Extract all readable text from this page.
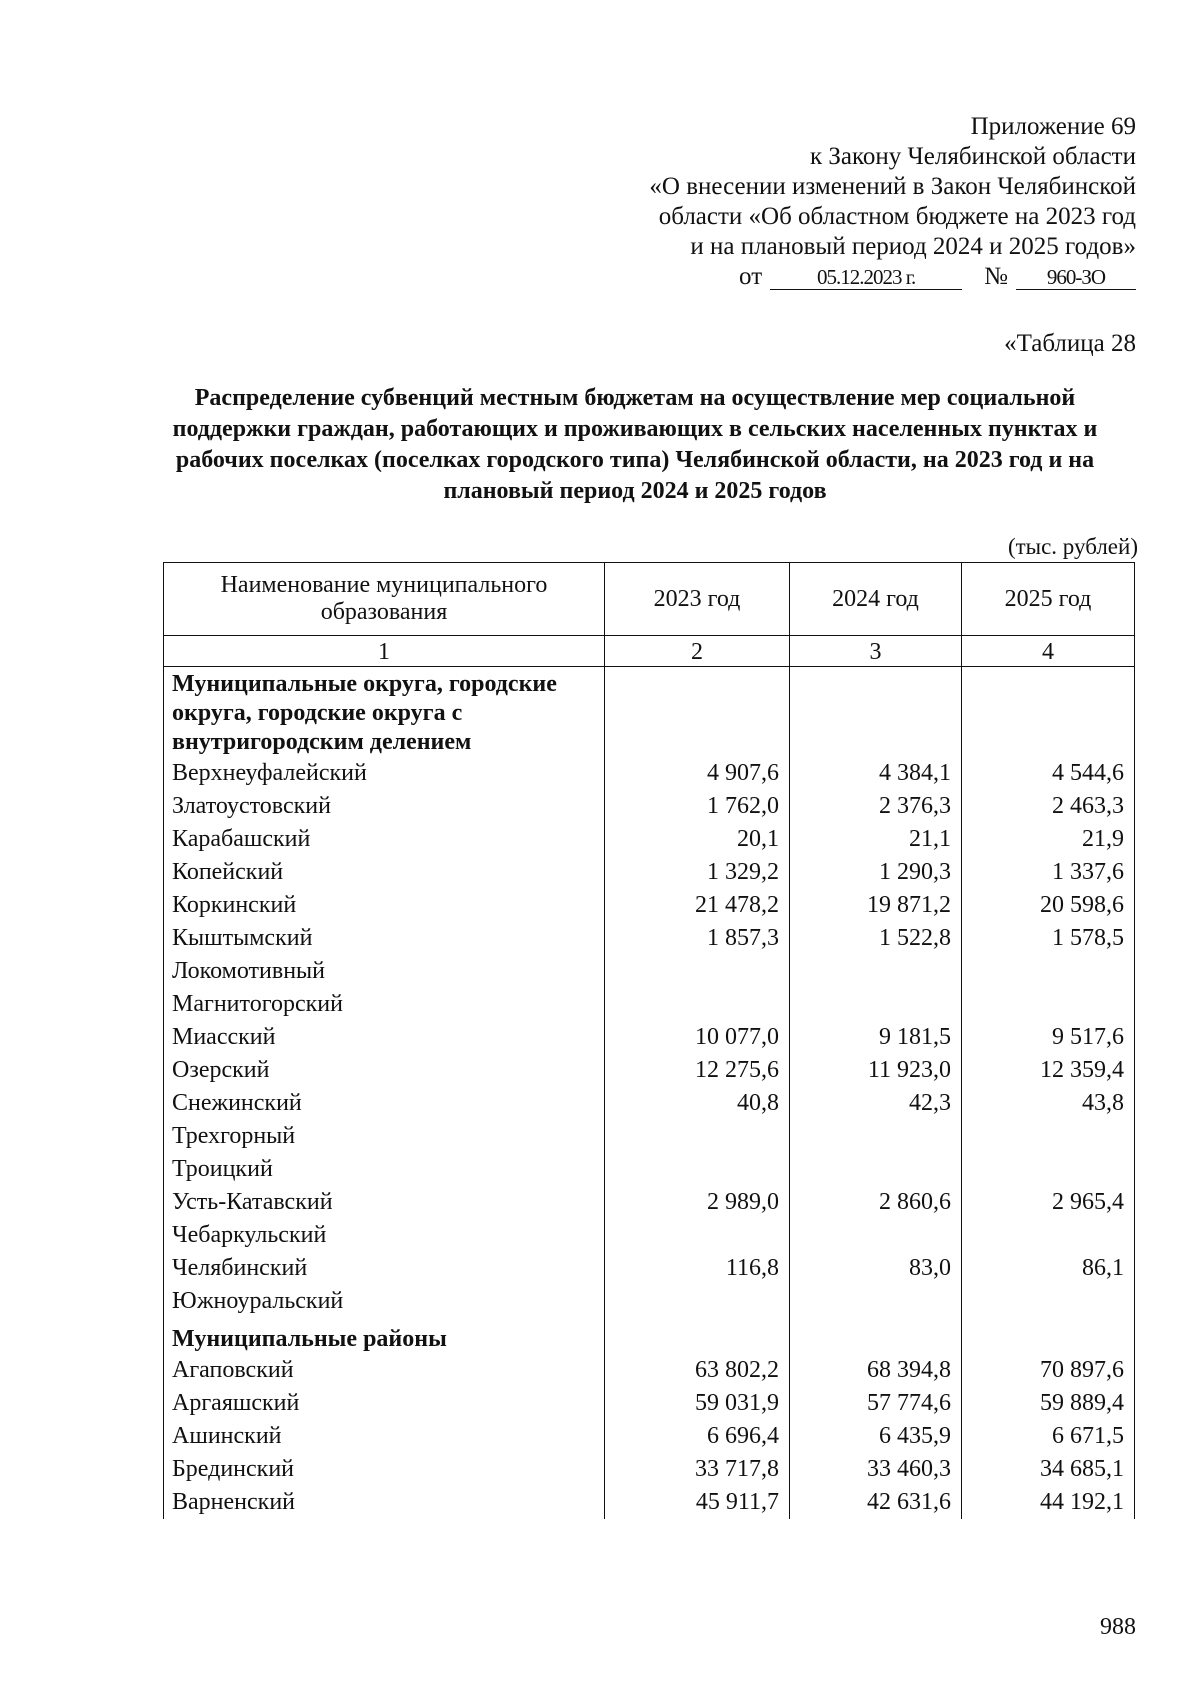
Приложение 69
к Закону Челябинской области
«О внесении изменений в Закон Челябинской
области «Об областном бюджете на 2023 год
и на плановый период 2024 и 2025 годов»
от	05.12.2023 г.	№	960-ЗО
«Таблица 28
Распределение субвенций местным бюджетам на осуществление мер социальной поддержки граждан, работающих и проживающих в сельских населенных пунктах и рабочих поселках (поселках городского типа) Челябинской области, на 2023 год и на плановый период 2024 и 2025 годов
(тыс. рублей)
Наименование муниципального образования	2023 год	2024 год	2025 год
1	2	3	4
Муниципальные округа, городские округа, городские округа с внутригородским делением			
Верхнеуфалейский	4 907,6	4 384,1	4 544,6
Златоустовский	1 762,0	2 376,3	2 463,3
Карабашский	20,1	21,1	21,9
Копейский	1 329,2	1 290,3	1 337,6
Коркинский	21 478,2	19 871,2	20 598,6
Кыштымский	1 857,3	1 522,8	1 578,5
Локомотивный			
Магнитогорский			
Миасский	10 077,0	9 181,5	9 517,6
Озерский	12 275,6	11 923,0	12 359,4
Снежинский	40,8	42,3	43,8
Трехгорный			
Троицкий			
Усть-Катавский	2 989,0	2 860,6	2 965,4
Чебаркульский			
Челябинский	116,8	83,0	86,1
Южноуральский			
Муниципальные районы			
Агаповский	63 802,2	68 394,8	70 897,6
Аргаяшский	59 031,9	57 774,6	59 889,4
Ашинский	6 696,4	6 435,9	6 671,5
Брединский	33 717,8	33 460,3	34 685,1
Варненский	45 911,7	42 631,6	44 192,1
988
